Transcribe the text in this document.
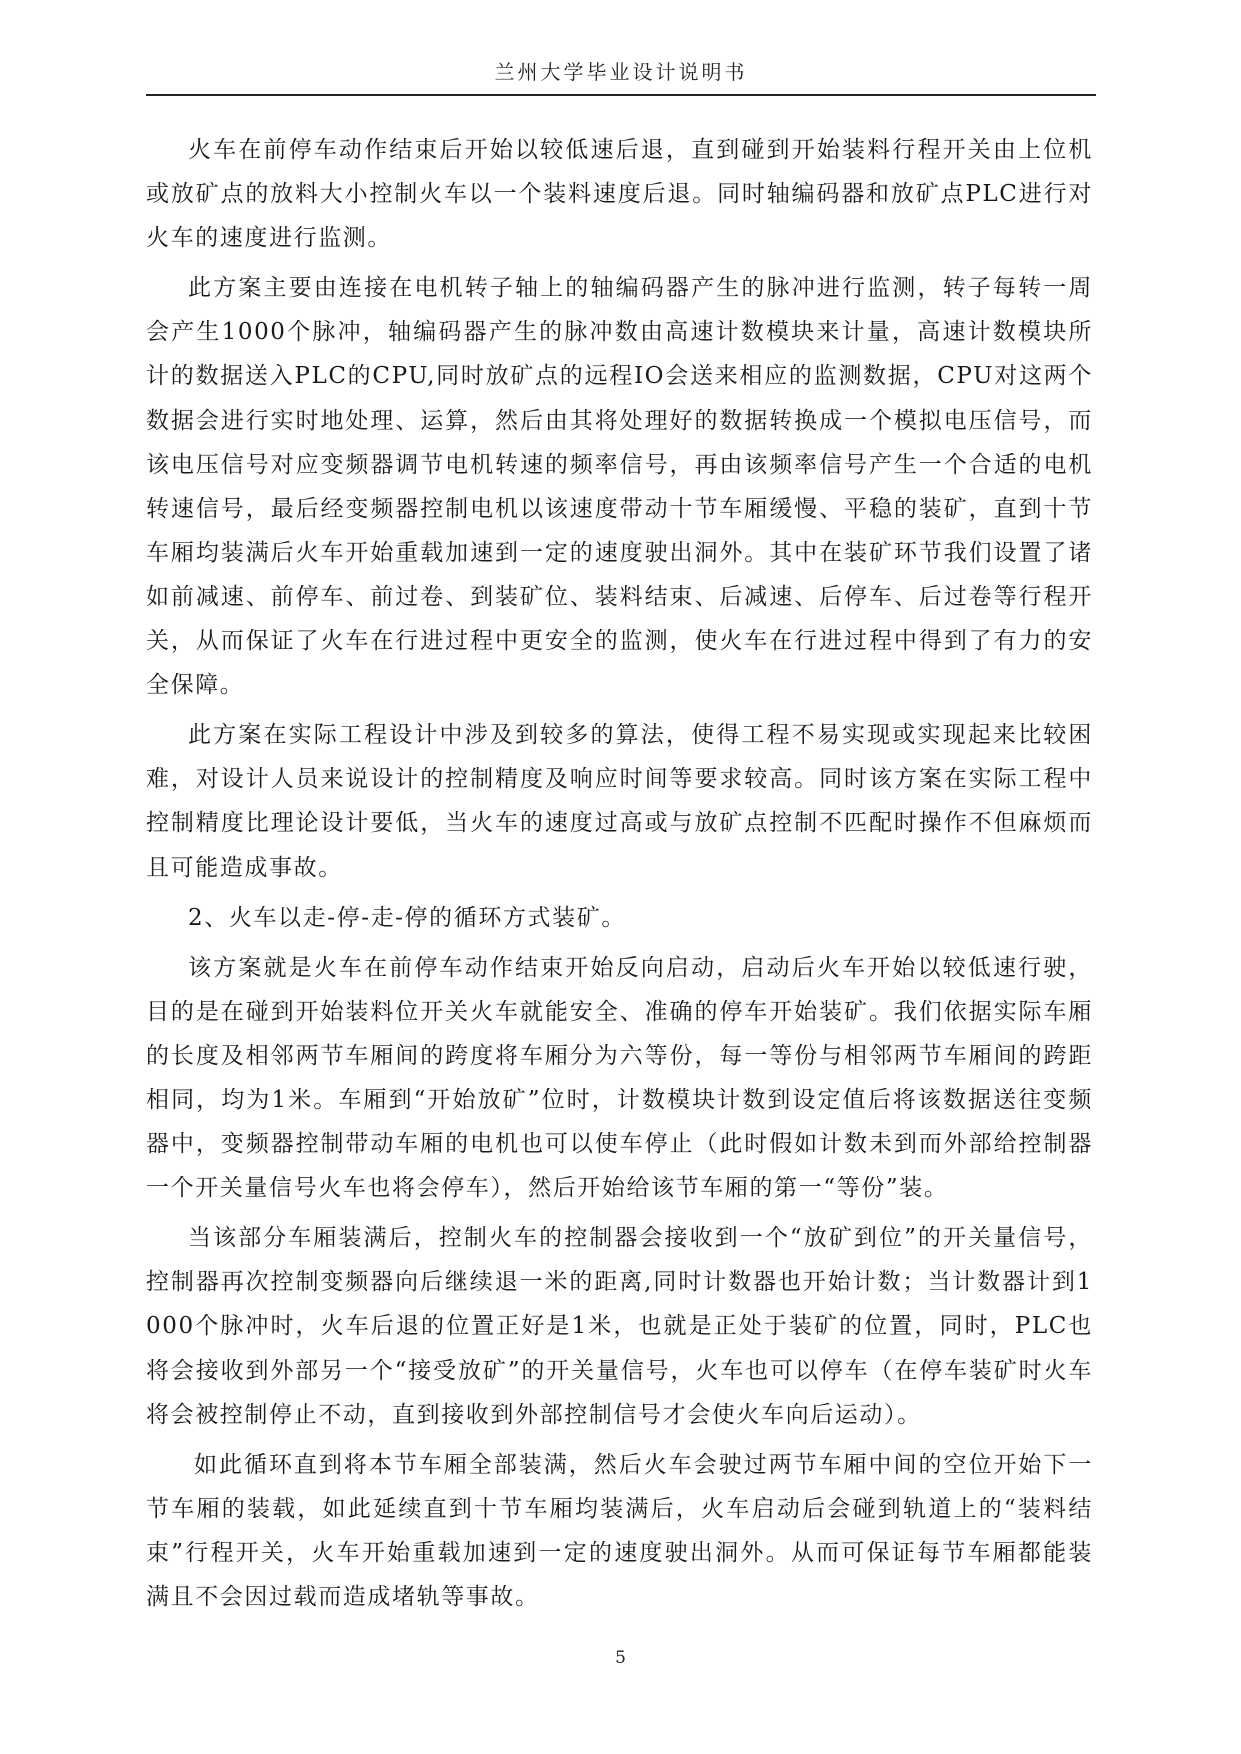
兰州大学毕业设计说明书

火车在前停车动作结束后开始以较低速后退，直到碰到开始装料行程开关由上位机或放矿点的放料大小控制火车以一个装料速度后退。同时轴编码器和放矿点PLC进行对火车的速度进行监测。

此方案主要由连接在电机转子轴上的轴编码器产生的脉冲进行监测，转子每转一周会产生1000个脉冲，轴编码器产生的脉冲数由高速计数模块来计量，高速计数模块所计的数据送入PLC的CPU,同时放矿点的远程IO会送来相应的监测数据，CPU对这两个数据会进行实时地处理、运算，然后由其将处理好的数据转换成一个模拟电压信号，而该电压信号对应变频器调节电机转速的频率信号，再由该频率信号产生一个合适的电机转速信号，最后经变频器控制电机以该速度带动十节车厢缓慢、平稳的装矿，直到十节车厢均装满后火车开始重载加速到一定的速度驶出洞外。其中在装矿环节我们设置了诸如前减速、前停车、前过卷、到装矿位、装料结束、后减速、后停车、后过卷等行程开关，从而保证了火车在行进过程中更安全的监测，使火车在行进过程中得到了有力的安全保障。

此方案在实际工程设计中涉及到较多的算法，使得工程不易实现或实现起来比较困难，对设计人员来说设计的控制精度及响应时间等要求较高。同时该方案在实际工程中控制精度比理论设计要低，当火车的速度过高或与放矿点控制不匹配时操作不但麻烦而且可能造成事故。

2、火车以走-停-走-停的循环方式装矿。

该方案就是火车在前停车动作结束开始反向启动，启动后火车开始以较低速行驶，目的是在碰到开始装料位开关火车就能安全、准确的停车开始装矿。我们依据实际车厢的长度及相邻两节车厢间的跨度将车厢分为六等份，每一等份与相邻两节车厢间的跨距相同，均为1米。车厢到“开始放矿”位时，计数模块计数到设定值后将该数据送往变频器中，变频器控制带动车厢的电机也可以使车停止（此时假如计数未到而外部给控制器一个开关量信号火车也将会停车），然后开始给该节车厢的第一“等份”装。

当该部分车厢装满后，控制火车的控制器会接收到一个“放矿到位”的开关量信号，控制器再次控制变频器向后继续退一米的距离,同时计数器也开始计数；当计数器计到1000个脉冲时，火车后退的位置正好是1米，也就是正处于装矿的位置，同时，PLC也将会接收到外部另一个“接受放矿”的开关量信号，火车也可以停车（在停车装矿时火车将会被控制停止不动，直到接收到外部控制信号才会使火车向后运动）。

如此循环直到将本节车厢全部装满，然后火车会驶过两节车厢中间的空位开始下一节车厢的装载，如此延续直到十节车厢均装满后，火车启动后会碰到轨道上的“装料结束”行程开关，火车开始重载加速到一定的速度驶出洞外。从而可保证每节车厢都能装满且不会因过载而造成堵轨等事故。

5
